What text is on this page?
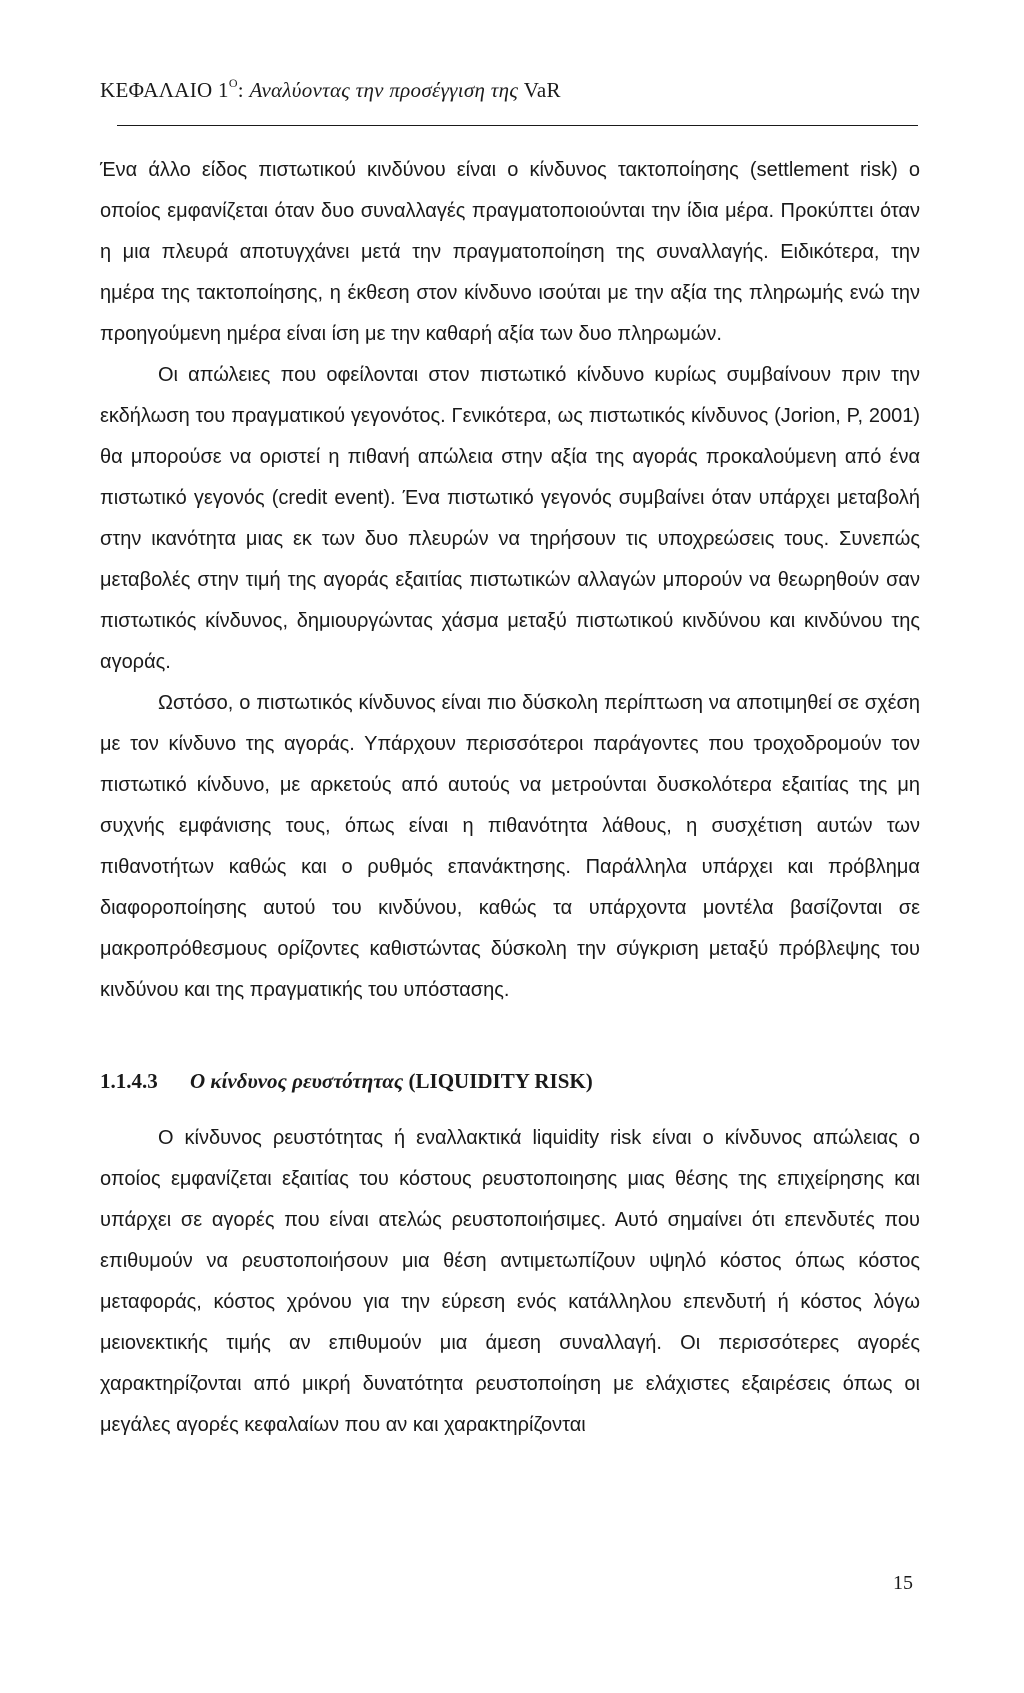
ΚΕΦΑΛΑΙΟ $1^O$: Αναλύοντας την προσέγγιση της VaR

Ένα άλλο είδος πιστωτικού κινδύνου είναι ο κίνδυνος τακτοποίησης (settlement risk) ο οποίος εμφανίζεται όταν δυο συναλλαγές πραγματοποιούνται την ίδια μέρα. Προκύπτει όταν η μια πλευρά αποτυγχάνει μετά την πραγματοποίηση της συναλλαγής. Ειδικότερα, την ημέρα της τακτοποίησης, η έκθεση στον κίνδυνο ισούται με την αξία της πληρωμής ενώ την προηγούμενη ημέρα είναι ίση με την καθαρή αξία των δυο πληρωμών.

Οι απώλειες που οφείλονται στον πιστωτικό κίνδυνο κυρίως συμβαίνουν πριν την εκδήλωση του πραγματικού γεγονότος. Γενικότερα, ως πιστωτικός κίνδυνος (Jorion, P, 2001) θα μπορούσε να οριστεί η πιθανή απώλεια στην αξία της αγοράς προκαλούμενη από ένα πιστωτικό γεγονός (credit event). Ένα πιστωτικό γεγονός συμβαίνει όταν υπάρχει μεταβολή στην ικανότητα μιας εκ των δυο πλευρών να τηρήσουν τις υποχρεώσεις τους. Συνεπώς μεταβολές στην τιμή της αγοράς εξαιτίας πιστωτικών αλλαγών μπορούν να θεωρηθούν σαν πιστωτικός κίνδυνος, δημιουργώντας χάσμα μεταξύ πιστωτικού κινδύνου και κινδύνου της αγοράς.

Ωστόσο, ο πιστωτικός κίνδυνος είναι πιο δύσκολη περίπτωση να αποτιμηθεί σε σχέση με τον κίνδυνο της αγοράς. Υπάρχουν περισσότεροι παράγοντες που τροχοδρομούν τον πιστωτικό κίνδυνο, με αρκετούς από αυτούς να μετρούνται δυσκολότερα εξαιτίας της μη συχνής εμφάνισης τους, όπως είναι η πιθανότητα λάθους, η συσχέτιση αυτών των πιθανοτήτων καθώς και ο ρυθμός επανάκτησης. Παράλληλα υπάρχει και πρόβλημα διαφοροποίησης αυτού του κινδύνου, καθώς τα υπάρχοντα μοντέλα βασίζονται σε μακροπρόθεσμους ορίζοντες καθιστώντας δύσκολη την σύγκριση μεταξύ πρόβλεψης του κινδύνου και της πραγματικής του υπόστασης.

1.1.4.3 Ο κίνδυνος ρευστότητας (LIQUIDITY RISK)

Ο κίνδυνος ρευστότητας ή εναλλακτικά liquidity risk είναι ο κίνδυνος απώλειας ο οποίος εμφανίζεται εξαιτίας του κόστους ρευστοποιησης μιας θέσης της επιχείρησης και υπάρχει σε αγορές που είναι ατελώς ρευστοποιήσιμες. Αυτό σημαίνει ότι επενδυτές που επιθυμούν να ρευστοποιήσουν μια θέση αντιμετωπίζουν υψηλό κόστος όπως κόστος μεταφοράς, κόστος χρόνου για την εύρεση ενός κατάλληλου επενδυτή ή κόστος λόγω μειονεκτικής τιμής αν επιθυμούν μια άμεση συναλλαγή. Οι περισσότερες αγορές χαρακτηρίζονται από μικρή δυνατότητα ρευστοποίηση με ελάχιστες εξαιρέσεις όπως οι μεγάλες αγορές κεφαλαίων που αν και χαρακτηρίζονται

15
